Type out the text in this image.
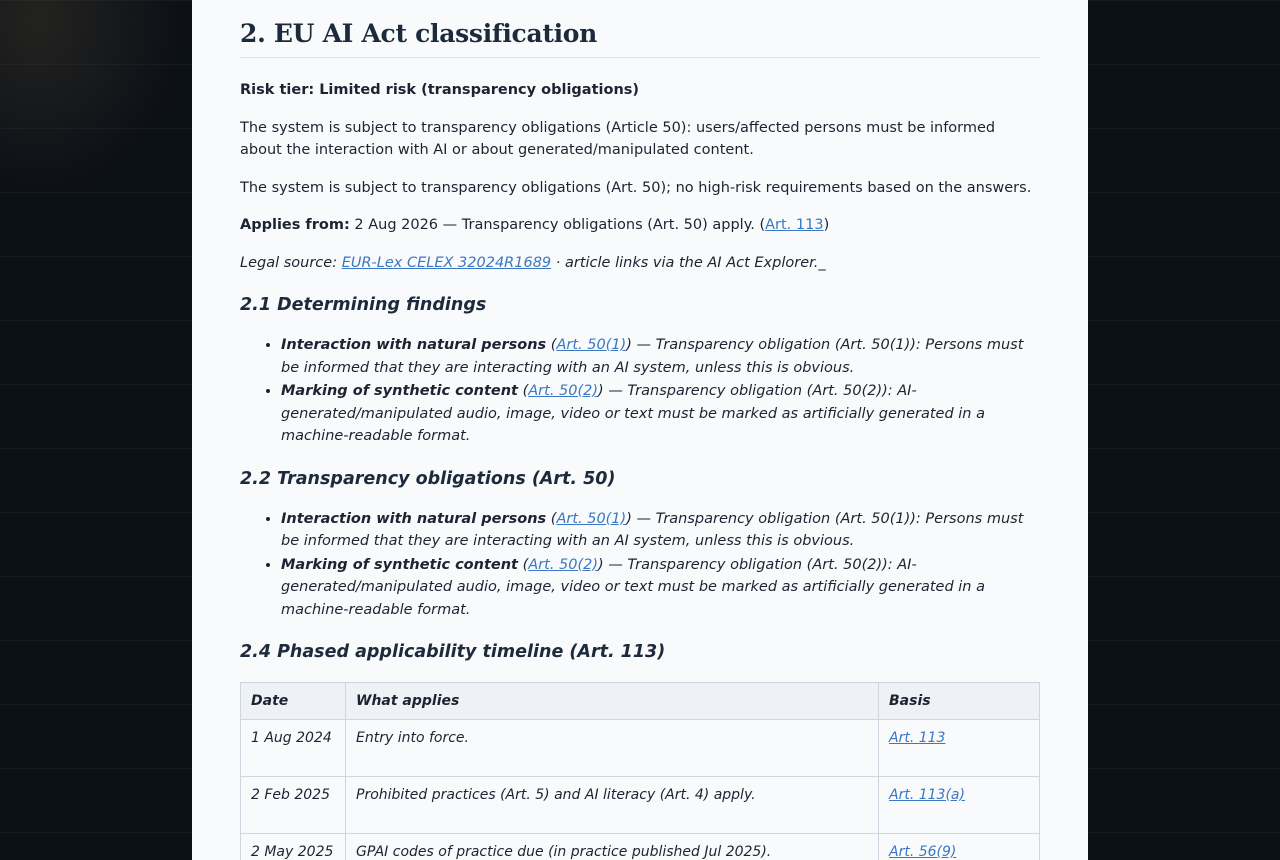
2. EU AI Act classification

Risk tier: Limited risk (transparency obligations)

The system is subject to transparency obligations (Article 50): users/affected persons must be informed about the interaction with AI or about generated/manipulated content.

The system is subject to transparency obligations (Art. 50); no high-risk requirements based on the answers.

Applies from: 2 Aug 2026 — Transparency obligations (Art. 50) apply. (Art. 113)

Legal source: EUR-Lex CELEX 32024R1689 · article links via the AI Act Explorer._

2.1 Determining findings
• Interaction with natural persons (Art. 50(1)) — Transparency obligation (Art. 50(1)): Persons must be informed that they are interacting with an AI system, unless this is obvious.
• Marking of synthetic content (Art. 50(2)) — Transparency obligation (Art. 50(2)): AI-generated/manipulated audio, image, video or text must be marked as artificially generated in a machine-readable format.
2.2 Transparency obligations (Art. 50)
• Interaction with natural persons (Art. 50(1)) — Transparency obligation (Art. 50(1)): Persons must be informed that they are interacting with an AI system, unless this is obvious.
• Marking of synthetic content (Art. 50(2)) — Transparency obligation (Art. 50(2)): AI-generated/manipulated audio, image, video or text must be marked as artificially generated in a machine-readable format.
2.4 Phased applicability timeline (Art. 113)
Date	What applies	Basis
1 Aug 2024	Entry into force.	Art. 113
2 Feb 2025	Prohibited practices (Art. 5) and AI literacy (Art. 4) apply.	Art. 113(a)
2 May 2025	GPAI codes of practice due (in practice published Jul 2025).	Art. 56(9)
